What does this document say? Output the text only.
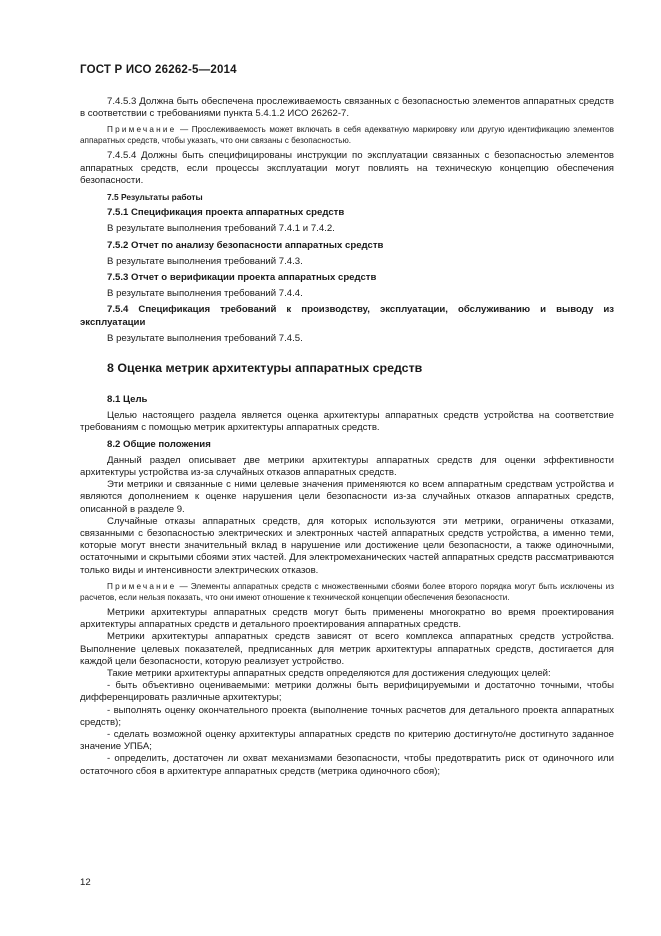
ГОСТ Р ИСО 26262-5—2014

7.4.5.3 Должна быть обеспечена прослеживаемость связанных с безопасностью элементов аппаратных средств в соответствии с требованиями пункта 5.4.1.2 ИСО 26262-7.

Примечание — Прослеживаемость может включать в себя адекватную маркировку или другую идентификацию элементов аппаратных средств, чтобы указать, что они связаны с безопасностью.

7.4.5.4 Должны быть специфицированы инструкции по эксплуатации связанных с безопасностью элементов аппаратных средств, если процессы эксплуатации могут повлиять на техническую концепцию обеспечения безопасности.

7.5 Результаты работы

7.5.1 Спецификация проекта аппаратных средств

В результате выполнения требований 7.4.1 и 7.4.2.

7.5.2 Отчет по анализу безопасности аппаратных средств

В результате выполнения требований 7.4.3.

7.5.3 Отчет о верификации проекта аппаратных средств

В результате выполнения требований 7.4.4.

7.5.4 Спецификация требований к производству, эксплуатации, обслуживанию и выводу из эксплуатации

В результате выполнения требований 7.4.5.

8 Оценка метрик архитектуры аппаратных средств

8.1 Цель

Целью настоящего раздела является оценка архитектуры аппаратных средств устройства на соответствие требованиям с помощью метрик архитектуры аппаратных средств.

8.2 Общие положения

Данный раздел описывает две метрики архитектуры аппаратных средств для оценки эффективности архитектуры устройства из-за случайных отказов аппаратных средств.

Эти метрики и связанные с ними целевые значения применяются ко всем аппаратным средствам устройства и являются дополнением к оценке нарушения цели безопасности из-за случайных отказов аппаратных средств, описанной в разделе 9.

Случайные отказы аппаратных средств, для которых используются эти метрики, ограничены отказами, связанными с безопасностью электрических и электронных частей аппаратных средств устройства, а именно теми, которые могут внести значительный вклад в нарушение или достижение цели безопасности, а также одиночными, остаточными и скрытыми сбоями этих частей. Для электромеханических частей аппаратных средств рассматриваются только виды и интенсивности электрических отказов.

Примечание — Элементы аппаратных средств с множественными сбоями более второго порядка могут быть исключены из расчетов, если нельзя показать, что они имеют отношение к технической концепции обеспечения безопасности.

Метрики архитектуры аппаратных средств могут быть применены многократно во время проектирования архитектуры аппаратных средств и детального проектирования аппаратных средств.

Метрики архитектуры аппаратных средств зависят от всего комплекса аппаратных средств устройства. Выполнение целевых показателей, предписанных для метрик архитектуры аппаратных средств, достигается для каждой цели безопасности, которую реализует устройство.

Такие метрики архитектуры аппаратных средств определяются для достижения следующих целей:

- быть объективно оцениваемыми: метрики должны быть верифицируемыми и достаточно точными, чтобы дифференцировать различные архитектуры;

- выполнять оценку окончательного проекта (выполнение точных расчетов для детального проекта аппаратных средств);

- сделать возможной оценку архитектуры аппаратных средств по критерию достигнуто/не достигнуто заданное значение УПБА;

- определить, достаточен ли охват механизмами безопасности, чтобы предотвратить риск от одиночного или остаточного сбоя в архитектуре аппаратных средств (метрика одиночного сбоя);

12
